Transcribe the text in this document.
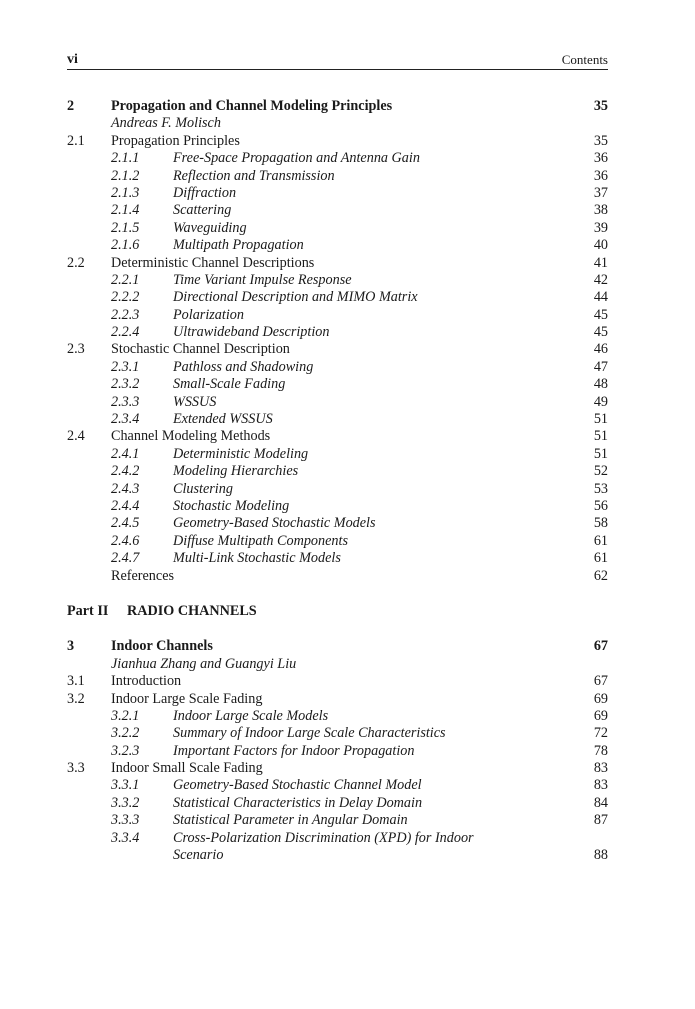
vi	Contents
2	Propagation and Channel Modeling Principles	35
Andreas F. Molisch
2.1 Propagation Principles	35
2.1.1 Free-Space Propagation and Antenna Gain	36
2.1.2 Reflection and Transmission	36
2.1.3 Diffraction	37
2.1.4 Scattering	38
2.1.5 Waveguiding	39
2.1.6 Multipath Propagation	40
2.2 Deterministic Channel Descriptions	41
2.2.1 Time Variant Impulse Response	42
2.2.2 Directional Description and MIMO Matrix	44
2.2.3 Polarization	45
2.2.4 Ultrawideband Description	45
2.3 Stochastic Channel Description	46
2.3.1 Pathloss and Shadowing	47
2.3.2 Small-Scale Fading	48
2.3.3 WSSUS	49
2.3.4 Extended WSSUS	51
2.4 Channel Modeling Methods	51
2.4.1 Deterministic Modeling	51
2.4.2 Modeling Hierarchies	52
2.4.3 Clustering	53
2.4.4 Stochastic Modeling	56
2.4.5 Geometry-Based Stochastic Models	58
2.4.6 Diffuse Multipath Components	61
2.4.7 Multi-Link Stochastic Models	61
References	62
Part II RADIO CHANNELS
3	Indoor Channels	67
Jianhua Zhang and Guangyi Liu
3.1 Introduction	67
3.2 Indoor Large Scale Fading	69
3.2.1 Indoor Large Scale Models	69
3.2.2 Summary of Indoor Large Scale Characteristics	72
3.2.3 Important Factors for Indoor Propagation	78
3.3 Indoor Small Scale Fading	83
3.3.1 Geometry-Based Stochastic Channel Model	83
3.3.2 Statistical Characteristics in Delay Domain	84
3.3.3 Statistical Parameter in Angular Domain	87
3.3.4 Cross-Polarization Discrimination (XPD) for Indoor
Scenario	88
